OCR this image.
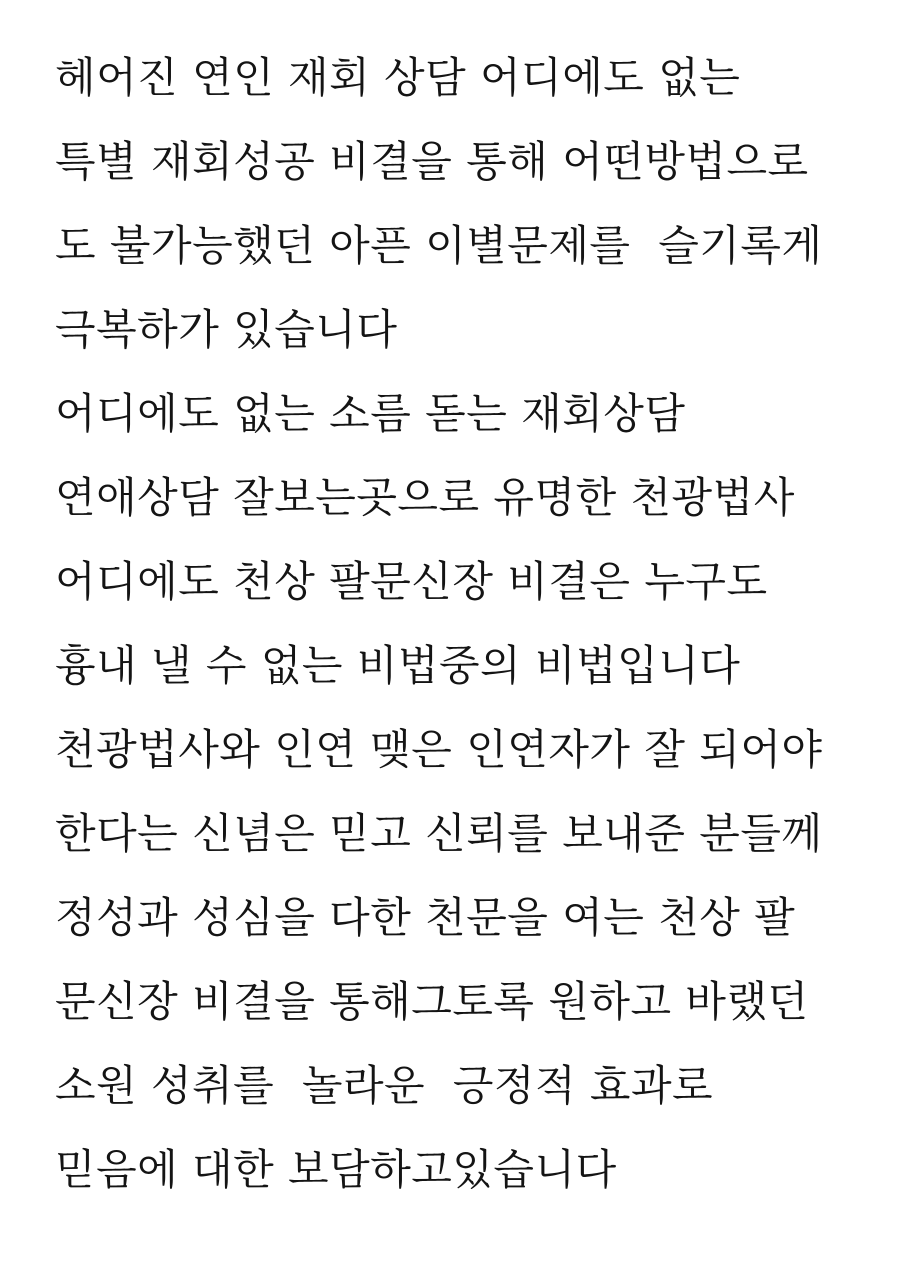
헤어진 연인 재회 상담 어디에도 없는
특별 재회성공 비결을 통해 어떤방법으로
도 불가능했던 아픈 이별문제를  슬기록게
극복하가 있습니다
어디에도 없는 소름 돋는 재회상담
연애상담 잘보는곳으로 유명한 천광법사
어디에도 천상 팔문신장 비결은 누구도
흉내 낼 수 없는 비법중의 비법입니다
천광법사와 인연 맺은 인연자가 잘 되어야
한다는 신념은 믿고 신뢰를 보내준 분들께
정성과 성심을 다한 천문을 여는 천상 팔
문신장 비결을 통해그토록 원하고 바랬던
소원 성취를  놀라운  긍정적 효과로
믿음에 대한 보담하고있습니다
